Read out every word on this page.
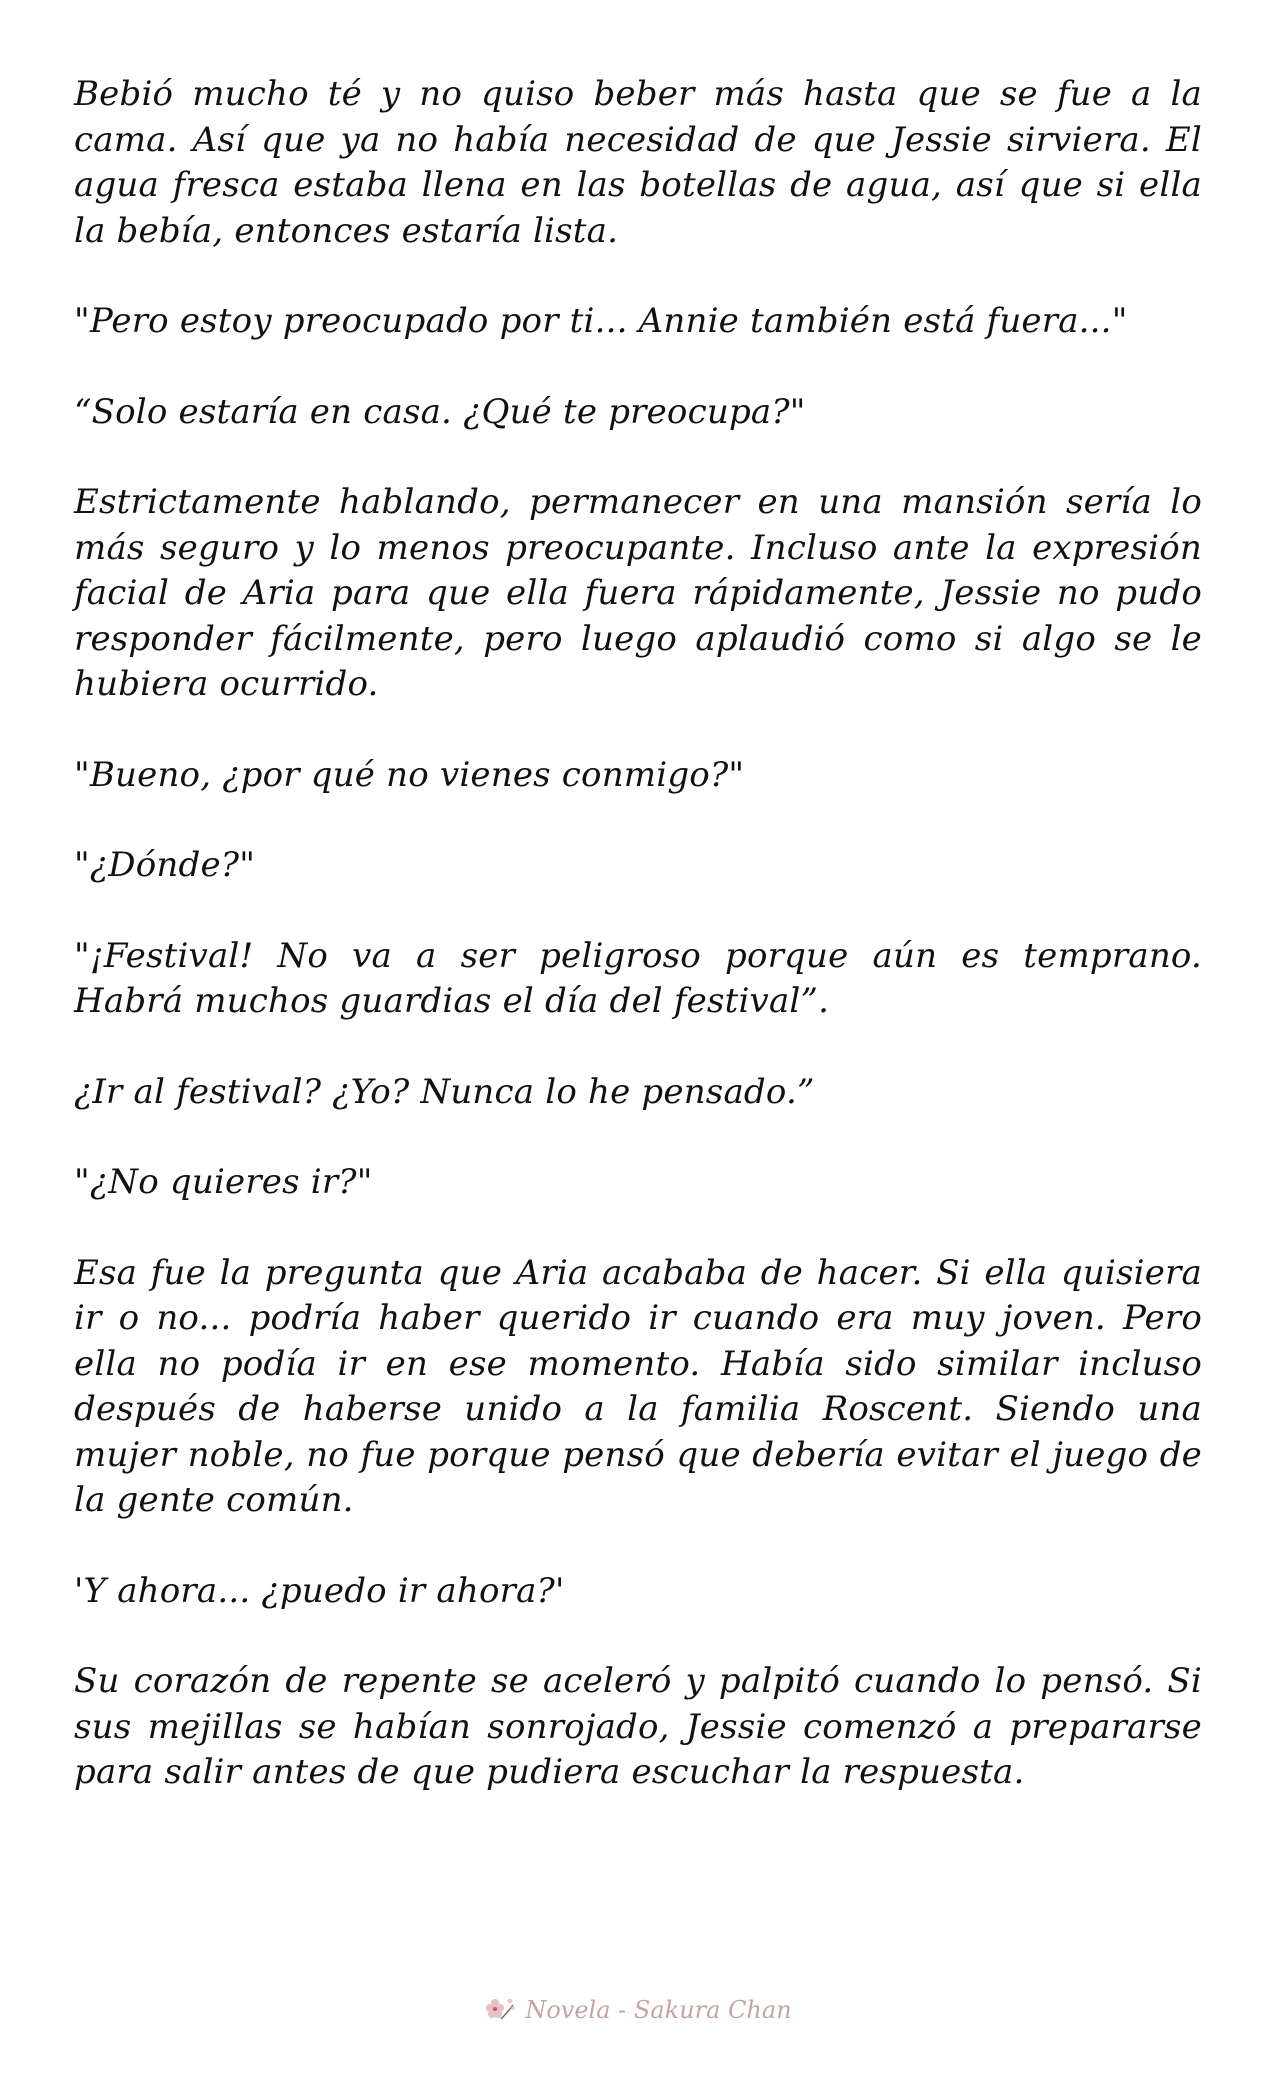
Bebió mucho té y no quiso beber más hasta que se fue a la cama. Así que ya no había necesidad de que Jessie sirviera. El agua fresca estaba llena en las botellas de agua, así que si ella la bebía, entonces estaría lista.

"Pero estoy preocupado por ti... Annie también está fuera..."

“Solo estaría en casa. ¿Qué te preocupa?"

Estrictamente hablando, permanecer en una mansión sería lo más seguro y lo menos preocupante. Incluso ante la expresión facial de Aria para que ella fuera rápidamente, Jessie no pudo responder fácilmente, pero luego aplaudió como si algo se le hubiera ocurrido.

"Bueno, ¿por qué no vienes conmigo?"

"¿Dónde?"

"¡Festival! No va a ser peligroso porque aún es temprano. Habrá muchos guardias el día del festival”.

¿Ir al festival? ¿Yo? Nunca lo he pensado.”

"¿No quieres ir?"

Esa fue la pregunta que Aria acababa de hacer. Si ella quisiera ir o no... podría haber querido ir cuando era muy joven. Pero ella no podía ir en ese momento. Había sido similar incluso después de haberse unido a la familia Roscent. Siendo una mujer noble, no fue porque pensó que debería evitar el juego de la gente común.

'Y ahora... ¿puedo ir ahora?'

Su corazón de repente se aceleró y palpitó cuando lo pensó. Si sus mejillas se habían sonrojado, Jessie comenzó a prepararse para salir antes de que pudiera escuchar la respuesta.

Novela - Sakura Chan
